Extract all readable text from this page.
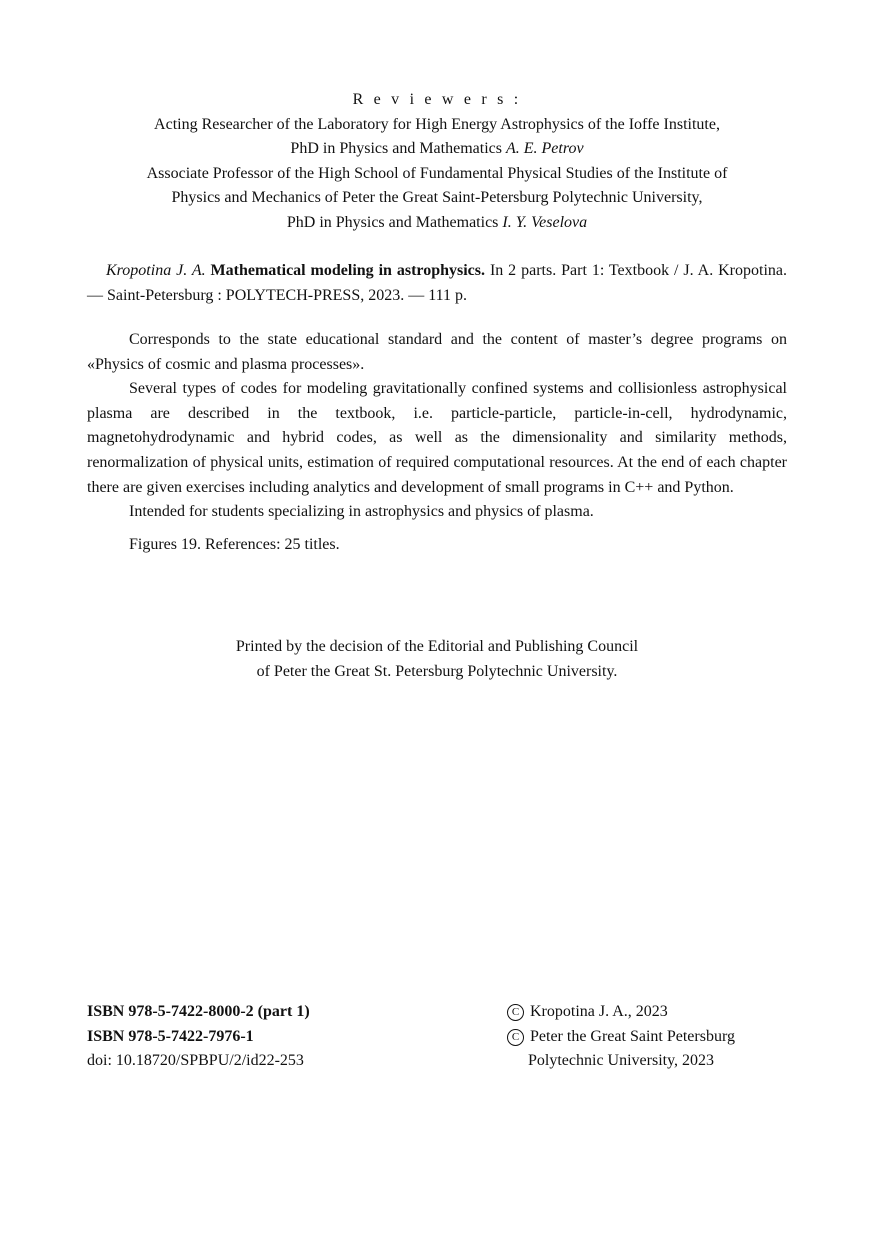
R e v i e w e r s :
Acting Researcher of the Laboratory for High Energy Astrophysics of the Ioffe Institute,
PhD in Physics and Mathematics A. E. Petrov
Associate Professor of the High School of Fundamental Physical Studies of the Institute of
Physics and Mechanics of Peter the Great Saint-Petersburg Polytechnic University,
PhD in Physics and Mathematics I. Y. Veselova
Kropotina J. A. Mathematical modeling in astrophysics. In 2 parts. Part 1: Textbook / J. A. Kropotina. — Saint-Petersburg : POLYTECH-PRESS, 2023. — 111 p.

Corresponds to the state educational standard and the content of master’s degree programs on «Physics of cosmic and plasma processes».

Several types of codes for modeling gravitationally confined systems and collisionless astrophysical plasma are described in the textbook, i.e. particle-particle, particle-in-cell, hydrodynamic, magnetohydrodynamic and hybrid codes, as well as the dimensionality and similarity methods, renormalization of physical units, estimation of required computational resources. At the end of each chapter there are given exercises including analytics and development of small programs in C++ and Python.

Intended for students specializing in astrophysics and physics of plasma.

Figures 19. References: 25 titles.

Printed by the decision of the Editorial and Publishing Council
of Peter the Great St. Petersburg Polytechnic University.
ISBN 978-5-7422-8000-2 (part 1)
ISBN 978-5-7422-7976-1
doi: 10.18720/SPBPU/2/id22-253
C Kropotina J. A., 2023
C Peter the Great Saint Petersburg
Polytechnic University, 2023
